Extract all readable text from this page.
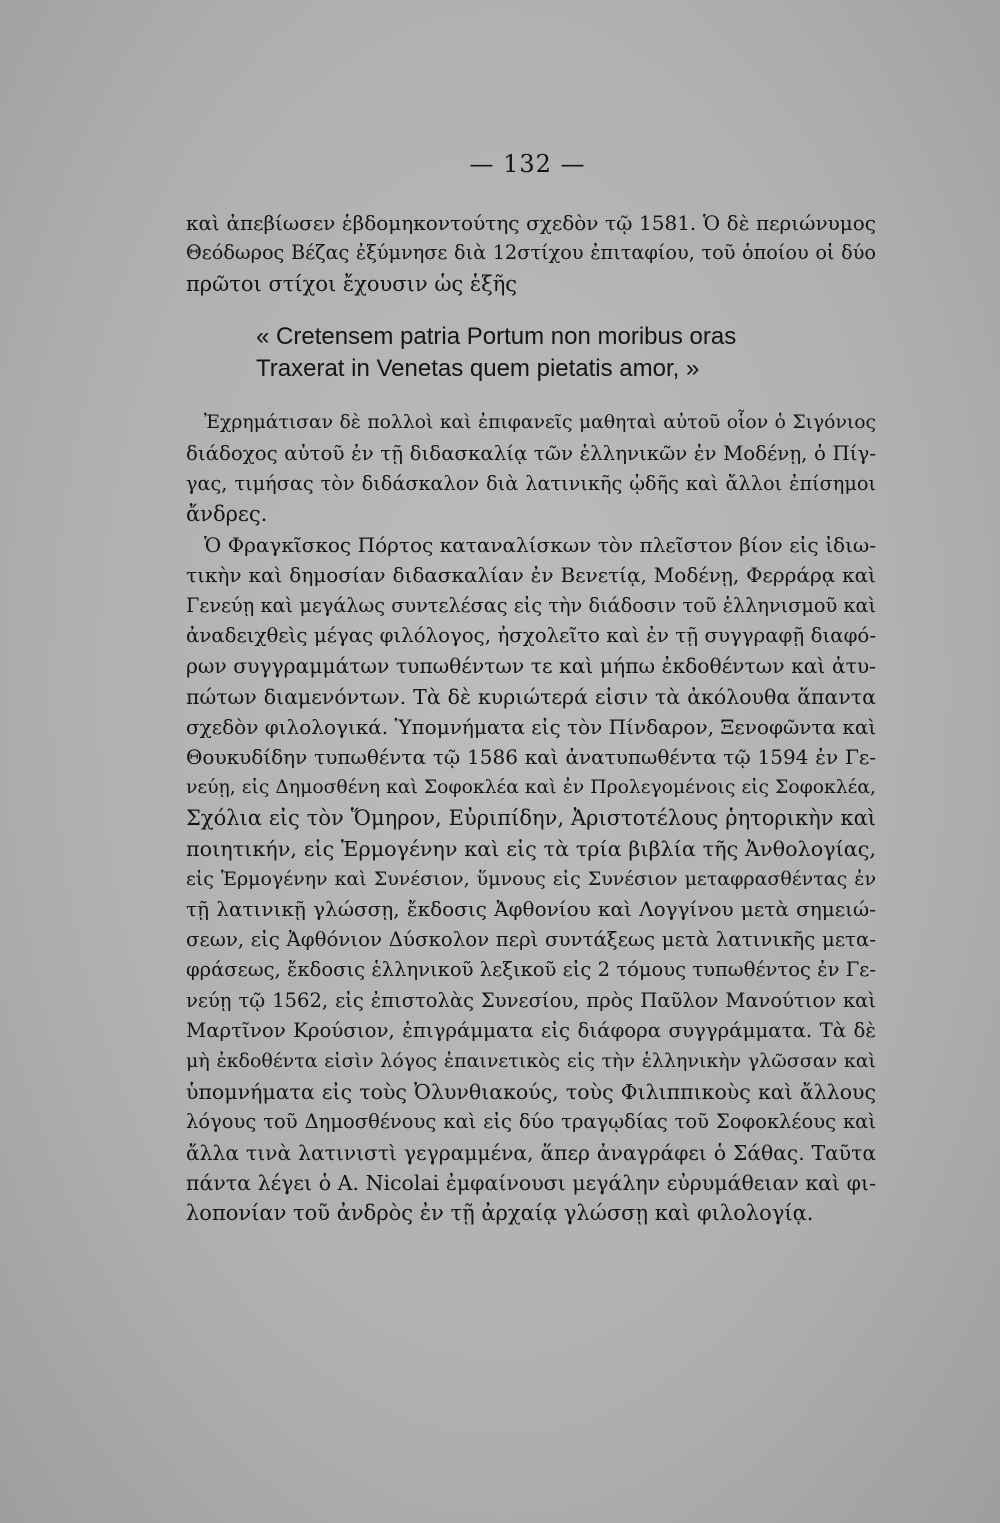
— 132 —
καὶ ἀπεβίωσεν ἑβδομηκοντούτης σχεδὸν τῷ 1581. Ὁ δὲ περιώνυμος
Θεόδωρος Βέζας ἐξύμνησε διὰ 12στίχου ἐπιταφίου, τοῦ ὁποίου οἱ δύο
πρῶτοι στίχοι ἔχουσιν ὡς ἑξῆς
« Cretensem patria Portum non moribus oras
Traxerat in Venetas quem pietatis amor, »
Ἐχρημάτισαν δὲ πολλοὶ καὶ ἐπιφανεῖς μαθηταὶ αὐτοῦ οἷον ὁ Σιγόνιος
διάδοχος αὐτοῦ ἐν τῇ διδασκαλίᾳ τῶν ἑλληνικῶν ἐν Μοδένῃ, ὁ Πίγ-
γας, τιμήσας τὸν διδάσκαλον διὰ λατινικῆς ᾠδῆς καὶ ἄλλοι ἐπίσημοι
ἄνδρες.
Ὁ Φραγκῖσκος Πόρτος καταναλίσκων τὸν πλεῖστον βίον εἰς ἰδιω-
τικὴν καὶ δημοσίαν διδασκαλίαν ἐν Βενετίᾳ, Μοδένῃ, Φερράρᾳ καὶ
Γενεύῃ καὶ μεγάλως συντελέσας εἰς τὴν διάδοσιν τοῦ ἑλληνισμοῦ καὶ
ἀναδειχθεὶς μέγας φιλόλογος, ἠσχολεῖτο καὶ ἐν τῇ συγγραφῇ διαφό-
ρων συγγραμμάτων τυπωθέντων τε καὶ μήπω ἐκδοθέντων καὶ ἀτυ-
πώτων διαμενόντων. Τὰ δὲ κυριώτερά εἰσιν τὰ ἀκόλουθα ἅπαντα
σχεδὸν φιλολογικά. Ὑπομνήματα εἰς τὸν Πίνδαρον, Ξενοφῶντα καὶ
Θουκυδίδην τυπωθέντα τῷ 1586 καὶ ἀνατυπωθέντα τῷ 1594 ἐν Γε-
νεύῃ, εἰς Δημοσθένη καὶ Σοφοκλέα καὶ ἐν Προλεγομένοις εἰς Σοφοκλέα,
Σχόλια εἰς τὸν Ὅμηρον, Εὐριπίδην, Ἀριστοτέλους ῥητορικὴν καὶ
ποιητικήν, εἰς Ἑρμογένην καὶ εἰς τὰ τρία βιβλία τῆς Ἀνθολογίας,
εἰς Ἑρμογένην καὶ Συνέσιον, ὕμνους εἰς Συνέσιον μεταφρασθέντας ἐν
τῇ λατινικῇ γλώσσῃ, ἔκδοσις Ἀφθονίου καὶ Λογγίνου μετὰ σημειώ-
σεων, εἰς Ἀφθόνιον Δύσκολον περὶ συντάξεως μετὰ λατινικῆς μετα-
φράσεως, ἔκδοσις ἑλληνικοῦ λεξικοῦ εἰς 2 τόμους τυπωθέντος ἐν Γε-
νεύῃ τῷ 1562, εἰς ἐπιστολὰς Συνεσίου, πρὸς Παῦλον Μανούτιον καὶ
Μαρτῖνον Κρούσιον, ἐπιγράμματα εἰς διάφορα συγγράμματα. Τὰ δὲ
μὴ ἐκδοθέντα εἰσὶν λόγος ἐπαινετικὸς εἰς τὴν ἑλληνικὴν γλῶσσαν καὶ
ὑπομνήματα εἰς τοὺς Ὀλυνθιακούς, τοὺς Φιλιππικοὺς καὶ ἄλλους
λόγους τοῦ Δημοσθένους καὶ εἰς δύο τραγῳδίας τοῦ Σοφοκλέους καὶ
ἄλλα τινὰ λατινιστὶ γεγραμμένα, ἅπερ ἀναγράφει ὁ Σάθας. Ταῦτα
πάντα λέγει ὁ A. Nicolai ἐμφαίνουσι μεγάλην εὐρυμάθειαν καὶ φι-
λοπονίαν τοῦ ἀνδρὸς ἐν τῇ ἀρχαίᾳ γλώσσῃ καὶ φιλολογίᾳ.
